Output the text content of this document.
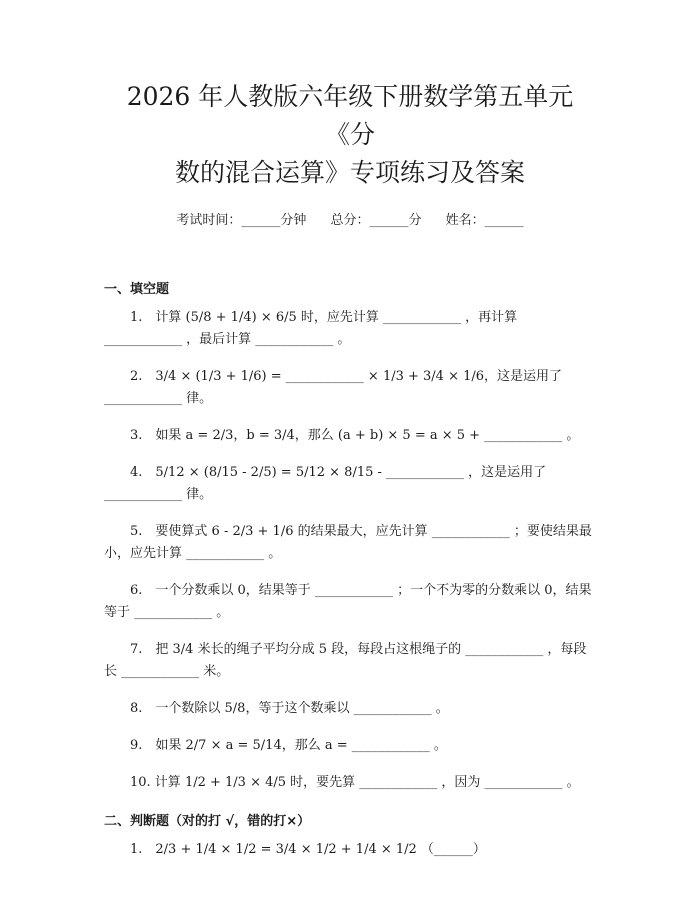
2026 年人教版六年级下册数学第五单元《分
数的混合运算》专项练习及答案
考试时间：______分钟 总分：______分 姓名：______
一、填空题

1.　计算 (5/8 + 1/4) × 6/5 时，应先计算 ____________ ，再计算 ____________ ，最后计算 ____________ 。

2.　3/4 × (1/3 + 1/6) = ____________ × 1/3 + 3/4 × 1/6，这是运用了 ____________ 律。

3.　如果 a = 2/3，b = 3/4，那么 (a + b) × 5 = a × 5 + ____________ 。

4.　5/12 × (8/15 - 2/5) = 5/12 × 8/15 - ____________ ，这是运用了 ____________ 律。

5.　要使算式 6 - 2/3 + 1/6 的结果最大，应先计算 ____________ ；要使结果最小，应先计算 ____________ 。

6.　一个分数乘以 0，结果等于 ____________ ；一个不为零的分数乘以 0，结果等于 ____________ 。

7.　把 3/4 米长的绳子平均分成 5 段，每段占这根绳子的 ____________ ，每段长 ____________ 米。

8.　一个数除以 5/8，等于这个数乘以 ____________ 。

9.　如果 2/7 × a = 5/14，那么 a = ____________ 。

10. 计算 1/2 + 1/3 × 4/5 时，要先算 ____________ ，因为 ____________ 。

二、判断题（对的打 √，错的打×）

1.　2/3 + 1/4 × 1/2 = 3/4 × 1/2 + 1/4 × 1/2 （______）
